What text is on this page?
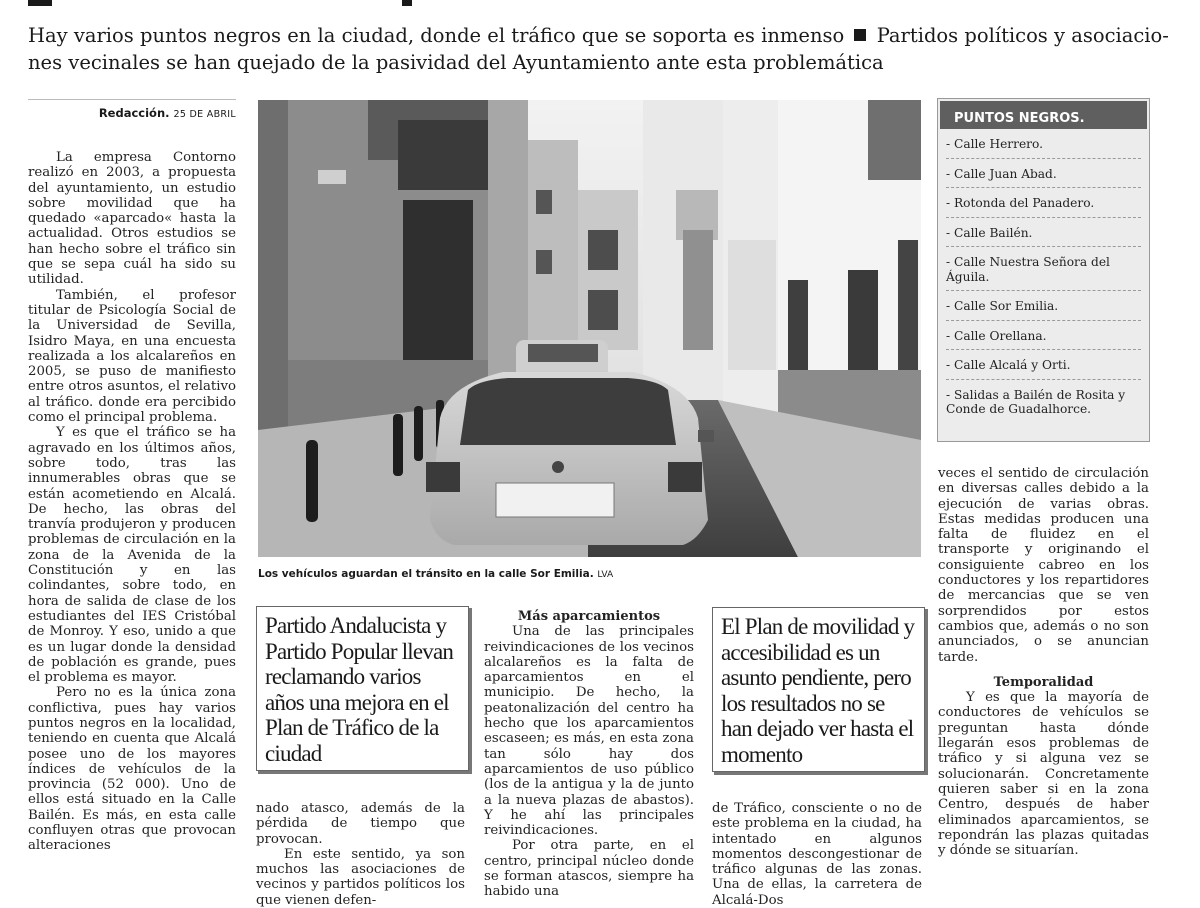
Hay varios puntos negros en la ciudad, donde el tráfico que se soporta es inmenso Partidos políticos y asociacio- nes vecinales se han quejado de la pasividad del Ayuntamiento ante esta problemática
Redacción. 25 DE ABRIL

La empresa Contorno realizó en 2003, a propuesta del ayuntamiento, un estudio sobre movilidad que ha quedado «aparcado« hasta la actualidad. Otros estudios se han hecho sobre el tráfico sin que se sepa cuál ha sido su utilidad.

También, el profesor titular de Psicología Social de la Universidad de Sevilla, Isidro Maya, en una encuesta realizada a los alcalareños en 2005, se puso de manifiesto entre otros asuntos, el relativo al tráfico. donde era percibido como el principal problema.

Y es que el tráfico se ha agravado en los últimos años, sobre todo, tras las innumerables obras que se están acometiendo en Alcalá. De hecho, las obras del tranvía produjeron y producen problemas de circulación en la zona de la Avenida de la Constitución y en las colindantes, sobre todo, en hora de salida de clase de los estudiantes del IES Cristóbal de Monroy. Y eso, unido a que es un lugar donde la densidad de población es grande, pues el problema es mayor.

Pero no es la única zona conflictiva, pues hay varios puntos negros en la localidad, teniendo en cuenta que Alcalá posee uno de los mayores índices de vehículos de la provincia (52 000). Uno de ellos está situado en la Calle Bailén. Es más, en esta calle confluyen otras que provocan alteraciones

Los vehículos aguardan el tránsito en la calle Sor Emilia. LVA
PUNTOS NEGROS.
- Calle Herrero.
- Calle Juan Abad.
- Rotonda del Panadero.
- Calle Bailén.
- Calle Nuestra Señora del Águila.
- Calle Sor Emilia.
- Calle Orellana.
- Calle Alcalá y Orti.
- Salidas a Bailén de Rosita y Conde de Guadalhorce.
Partido Andalucista y Partido Popular llevan reclamando varios años una mejora en el Plan de Tráfico de la ciudad

nado atasco, además de la pérdida de tiempo que provocan.

En este sentido, ya son muchos las asociaciones de vecinos y partidos políticos los que vienen defen-

Más aparcamientos

Una de las principales reivindicaciones de los vecinos alcalareños es la falta de aparcamientos en el municipio. De hecho, la peatonalización del centro ha hecho que los aparcamientos escaseen; es más, en esta zona tan sólo hay dos aparcamientos de uso público (los de la antigua y la de junto a la nueva plazas de abastos). Y he ahí las principales reivindicaciones.

Por otra parte, en el centro, principal núcleo donde se forman atascos, siempre ha habido una

El Plan de movilidad y accesibilidad es un asunto pendiente, pero los resultados no se han dejado ver hasta el momento

de Tráfico, consciente o no de este problema en la ciudad, ha intentado en algunos momentos descongestionar de tráfico algunas de las zonas. Una de ellas, la carretera de Alcalá-Dos

veces el sentido de circulación en diversas calles debido a la ejecución de varias obras. Estas medidas producen una falta de fluidez en el transporte y originando el consiguiente cabreo en los conductores y los repartidores de mercancias que se ven sorprendidos por estos cambios que, además o no son anunciados, o se anuncian tarde.

Temporalidad

Y es que la mayoría de conductores de vehículos se preguntan hasta dónde llegarán esos problemas de tráfico y si alguna vez se solucionarán. Concretamente quieren saber si en la zona Centro, después de haber eliminados aparcamientos, se repondrán las plazas quitadas y dónde se situarían.
